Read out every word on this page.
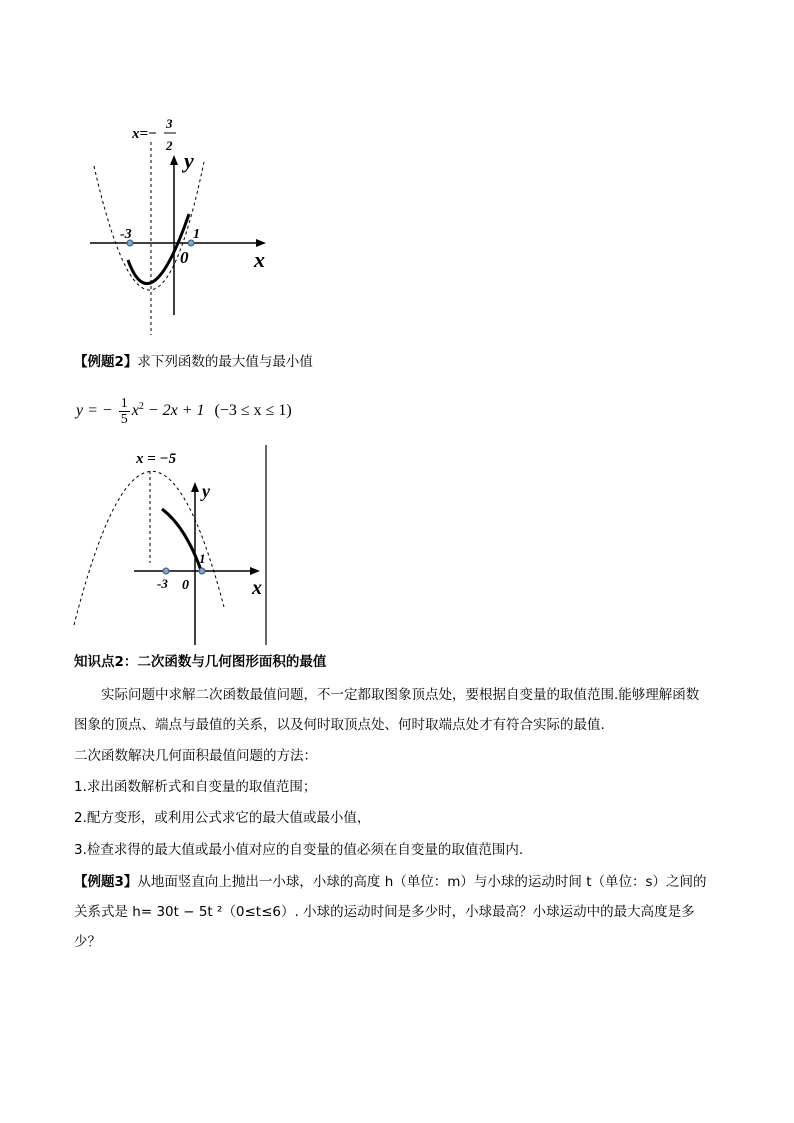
x=−
3
2
-3	1
0
y
x
【例题2】求下列函数的最大值与最小值
y = − $\frac{1}{5} x^2 - 2x + 1$ (−3 ≤ x ≤ 1)
x = −5
-3
1
0
y
x
知识点2：二次函数与几何图形面积的最值
实际问题中求解二次函数最值问题，不一定都取图象顶点处，要根据自变量的取值范围.能够理解函数
图象的顶点、端点与最值的关系，以及何时取顶点处、何时取端点处才有符合实际的最值.
二次函数解决几何面积最值问题的方法：
1.求出函数解析式和自变量的取值范围；
2.配方变形，或利用公式求它的最大值或最小值，
3.检查求得的最大值或最小值对应的自变量的值必须在自变量的取值范围内.
【例题3】从地面竖直向上抛出一小球，小球的高度 h（单位：m）与小球的运动时间 t（单位：s）之间的
关系式是 h= 30t − 5t ²（0≤t≤6）. 小球的运动时间是多少时，小球最高？小球运动中的最大高度是多
少？
